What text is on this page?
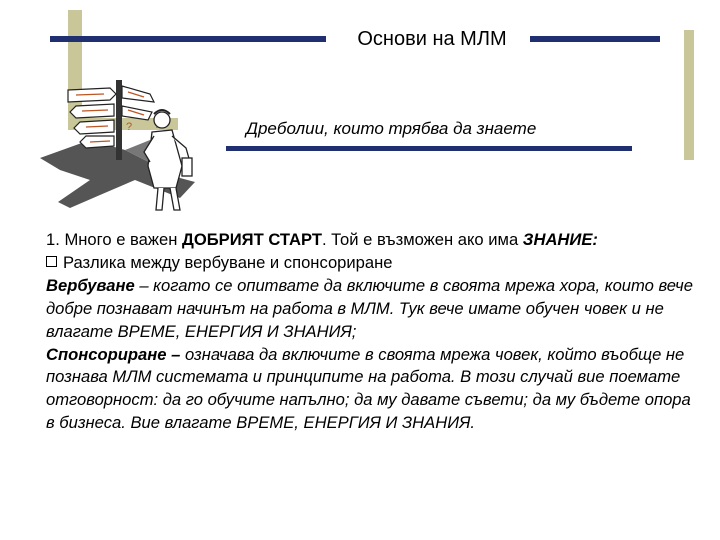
Основи на МЛМ
Дреболии, които трябва да знаете
?

1. Много е важен ДОБРИЯТ СТАРТ. Той е възможен ако има ЗНАНИЕ:

Разлика между вербуване и спонсориране

Вербуване – когато се опитвате да включите в своята мрежа хора, които вече добре познават начинът на работа в МЛМ. Тук вече имате обучен човек и не влагате ВРЕМЕ, ЕНЕРГИЯ И ЗНАНИЯ;

Спонсориране – означава да включите в своята мрежа човек, който въобще не познава МЛМ системата и принципите на работа. В този случай вие поемате отговорност: да го обучите напълно; да му давате съвети; да му бъдете опора в бизнеса. Вие влагате ВРЕМЕ, ЕНЕРГИЯ И ЗНАНИЯ.
